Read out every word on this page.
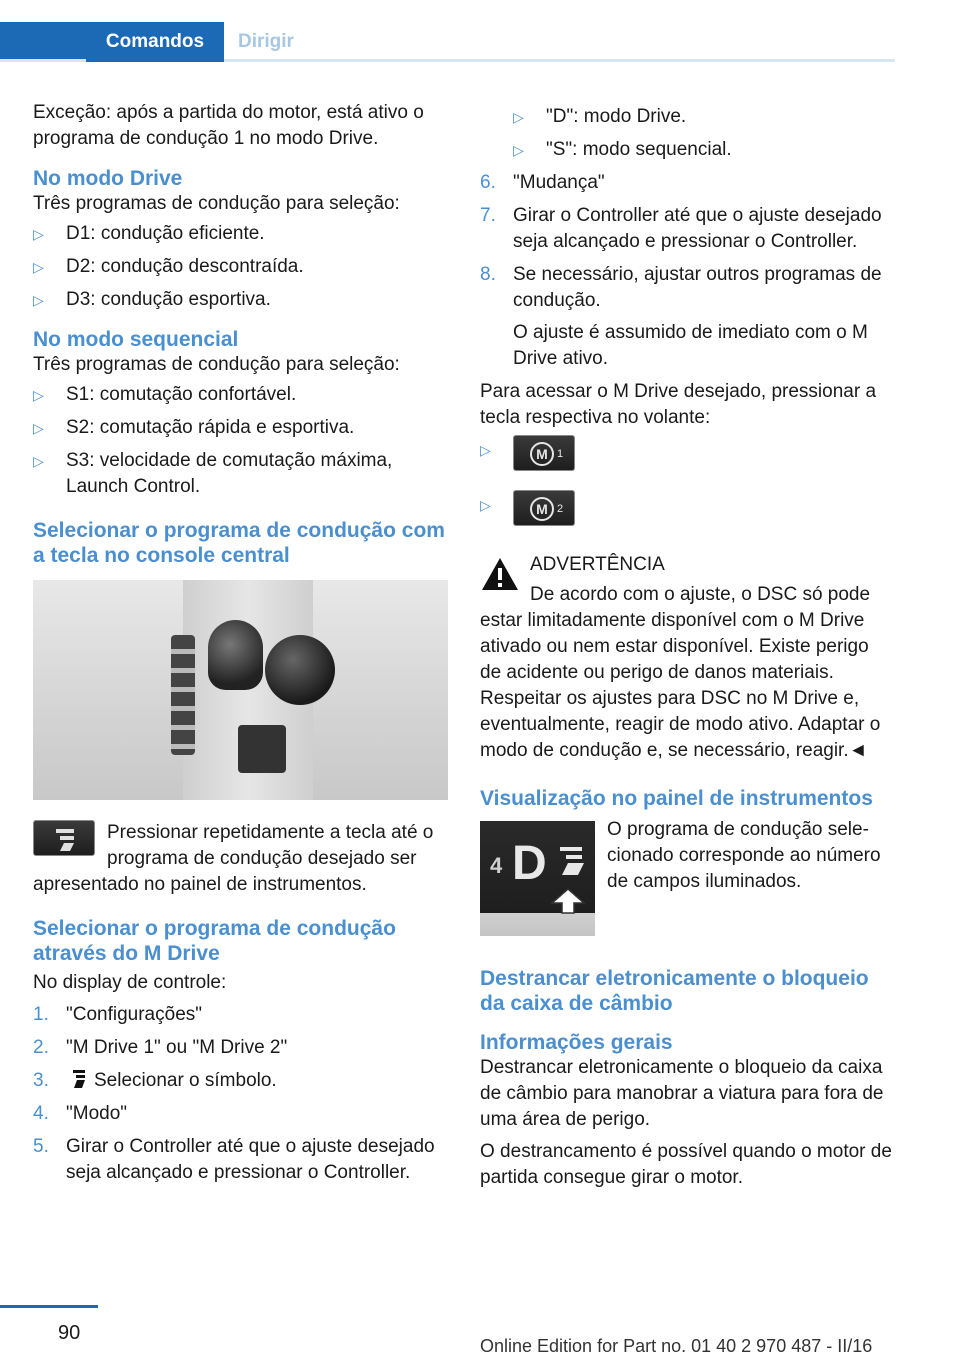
Comandos	Dirigir

Exceção: após a partida do motor, está ativo o programa de condução 1 no modo Drive.

No modo Drive

Três programas de condução para seleção:

▷ D1: condução eficiente.
▷ D2: condução descontraída.
▷ D3: condução esportiva.
No modo sequencial

Três programas de condução para seleção:

▷ S1: comutação confortável.
▷ S2: comutação rápida e esportiva.
▷ S3: velocidade de comutação máxima, Launch Control.
Selecionar o programa de condução com a tecla no console central

Pressionar repetidamente a tecla até o programa de condução desejado ser apresentado no painel de instrumentos.

Selecionar o programa de condução através do M Drive

No display de controle:

1. "Configurações"
2. "M Drive 1" ou "M Drive 2"
3. Selecionar o símbolo.
4. "Modo"
5. Girar o Controller até que o ajuste desejado seja alcançado e pressionar o Controller.
▷ "D": modo Drive.
▷ "S": modo sequencial.
6. "Mudança"
7. Girar o Controller até que o ajuste desejado seja alcançado e pressionar o Controller.
8. Se necessário, ajustar outros programas de condução.

O ajuste é assumido de imediato com o M Drive ativo.

Para acessar o M Drive desejado, pressionar a tecla respectiva no volante:

▷	M 1
▷	M 2

ADVERTÊNCIA

De acordo com o ajuste, o DSC só pode estar limitadamente disponível com o M Drive ativado ou nem estar disponível. Existe perigo de acidente ou perigo de danos materiais. Respeitar os ajustes para DSC no M Drive e, eventualmente, reagir de modo ativo. Adaptar o modo de condução e, se necessário, reagir.◄

Visualização no painel de instrumentos
4 D

O programa de condução selecionado corresponde ao número de campos iluminados.

Destrancar eletronicamente o bloqueio da caixa de câmbio
Informações gerais

Destrancar eletronicamente o bloqueio da caixa de câmbio para manobrar a viatura para fora de uma área de perigo.

O destrancamento é possível quando o motor de partida consegue girar o motor.

90
Online Edition for Part no. 01 40 2 970 487 - II/16
